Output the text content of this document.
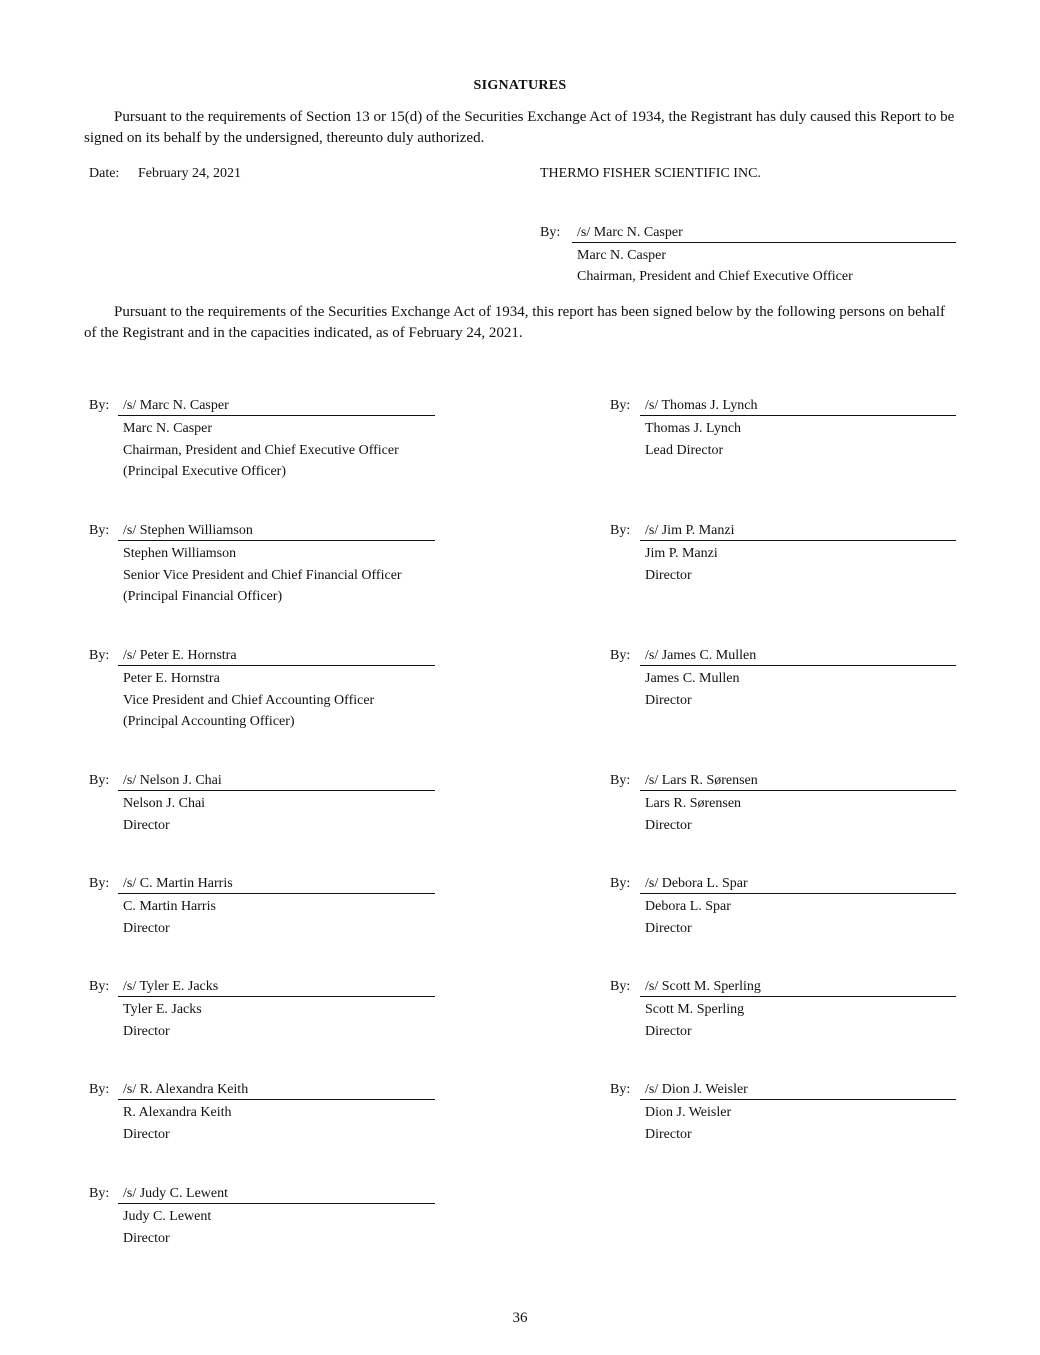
SIGNATURES
Pursuant to the requirements of Section 13 or 15(d) of the Securities Exchange Act of 1934, the Registrant has duly caused this Report to be signed on its behalf by the undersigned, thereunto duly authorized.
Date: February 24, 2021	THERMO FISHER SCIENTIFIC INC.
By: /s/ Marc N. Casper
Marc N. Casper
Chairman, President and Chief Executive Officer
Pursuant to the requirements of the Securities Exchange Act of 1934, this report has been signed below by the following persons on behalf of the Registrant and in the capacities indicated, as of February 24, 2021.
By: /s/ Marc N. Casper
Marc N. Casper
Chairman, President and Chief Executive Officer
(Principal Executive Officer)
By: /s/ Stephen Williamson
Stephen Williamson
Senior Vice President and Chief Financial Officer
(Principal Financial Officer)
By: /s/ Peter E. Hornstra
Peter E. Hornstra
Vice President and Chief Accounting Officer
(Principal Accounting Officer)
By: /s/ Nelson J. Chai
Nelson J. Chai
Director
By: /s/ C. Martin Harris
C. Martin Harris
Director
By: /s/ Tyler E. Jacks
Tyler E. Jacks
Director
By: /s/ R. Alexandra Keith
R. Alexandra Keith
Director
By: /s/ Judy C. Lewent
Judy C. Lewent
Director
By: /s/ Thomas J. Lynch
Thomas J. Lynch
Lead Director
By: /s/ Jim P. Manzi
Jim P. Manzi
Director
By: /s/ James C. Mullen
James C. Mullen
Director
By: /s/ Lars R. Sørensen
Lars R. Sørensen
Director
By: /s/ Debora L. Spar
Debora L. Spar
Director
By: /s/ Scott M. Sperling
Scott M. Sperling
Director
By: /s/ Dion J. Weisler
Dion J. Weisler
Director
36
